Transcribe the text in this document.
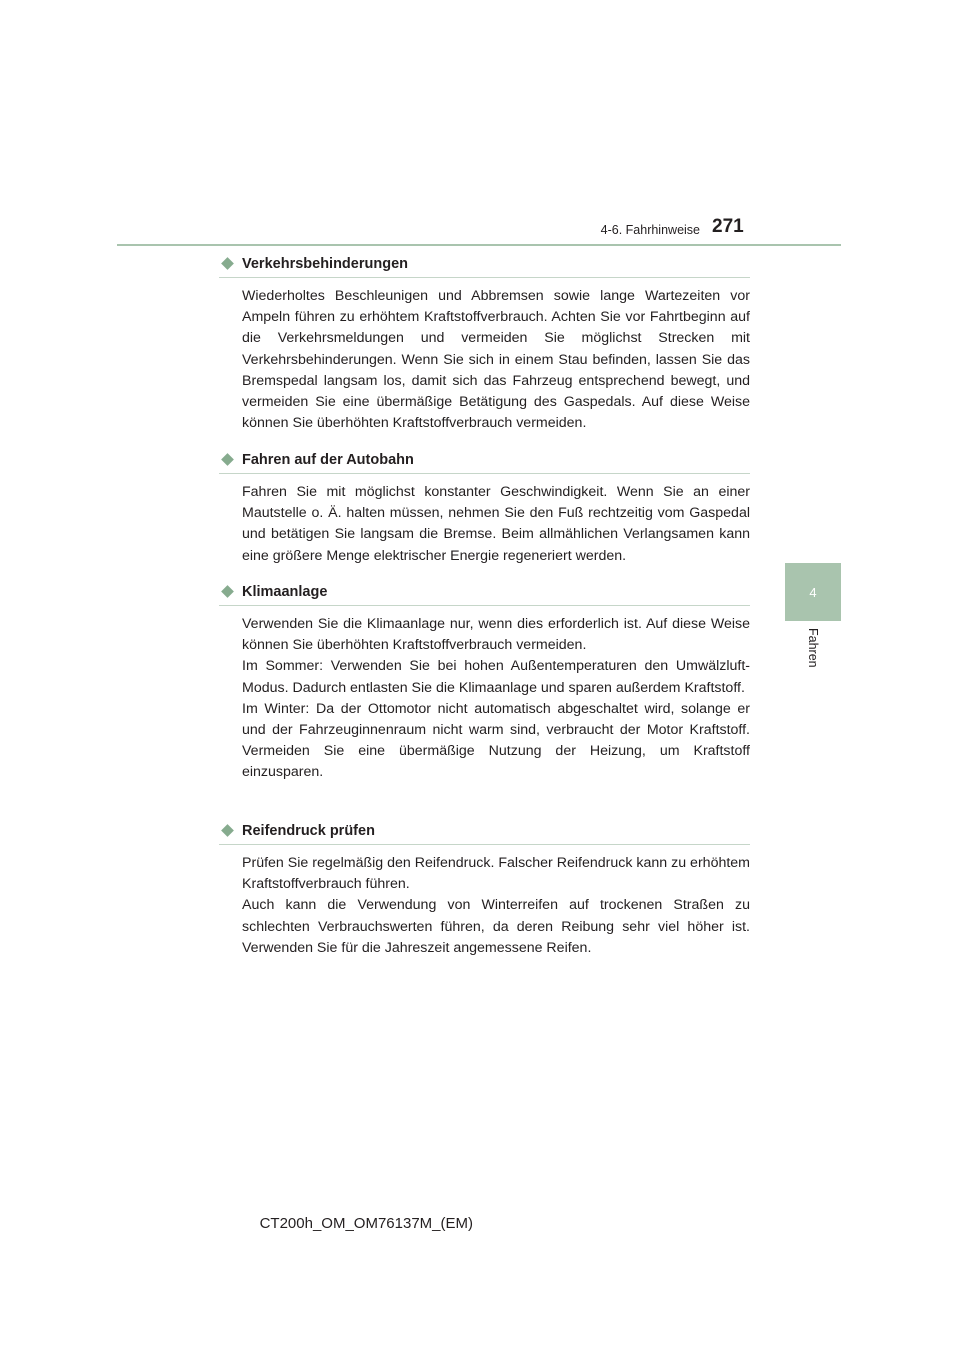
4-6. Fahrhinweise 271
4
Fahren
Verkehrsbehinderungen

Wiederholtes Beschleunigen und Abbremsen sowie lange Wartezeiten vor Ampeln führen zu erhöhtem Kraftstoffverbrauch. Achten Sie vor Fahrtbeginn auf die Verkehrsmeldungen und vermeiden Sie möglichst Strecken mit Verkehrsbehinderungen. Wenn Sie sich in einem Stau befinden, lassen Sie das Bremspedal langsam los, damit sich das Fahrzeug entsprechend bewegt, und vermeiden Sie eine übermäßige Betätigung des Gaspedals. Auf diese Weise können Sie überhöhten Kraftstoffverbrauch vermeiden.

Fahren auf der Autobahn

Fahren Sie mit möglichst konstanter Geschwindigkeit. Wenn Sie an einer Mautstelle o. Ä. halten müssen, nehmen Sie den Fuß rechtzeitig vom Gaspedal und betätigen Sie langsam die Bremse. Beim allmählichen Verlangsamen kann eine größere Menge elektrischer Energie regeneriert werden.

Klimaanlage

Verwenden Sie die Klimaanlage nur, wenn dies erforderlich ist. Auf diese Weise können Sie überhöhten Kraftstoffverbrauch vermeiden.

Im Sommer: Verwenden Sie bei hohen Außentemperaturen den Umwälzluft-Modus. Dadurch entlasten Sie die Klimaanlage und sparen außerdem Kraftstoff.

Im Winter: Da der Ottomotor nicht automatisch abgeschaltet wird, solange er und der Fahrzeuginnenraum nicht warm sind, verbraucht der Motor Kraftstoff. Vermeiden Sie eine übermäßige Nutzung der Heizung, um Kraftstoff einzusparen.

Reifendruck prüfen

Prüfen Sie regelmäßig den Reifendruck. Falscher Reifendruck kann zu erhöhtem Kraftstoffverbrauch führen.

Auch kann die Verwendung von Winterreifen auf trockenen Straßen zu schlechten Verbrauchswerten führen, da deren Reibung sehr viel höher ist. Verwenden Sie für die Jahreszeit angemessene Reifen.

CT200h_OM_OM76137M_(EM)
